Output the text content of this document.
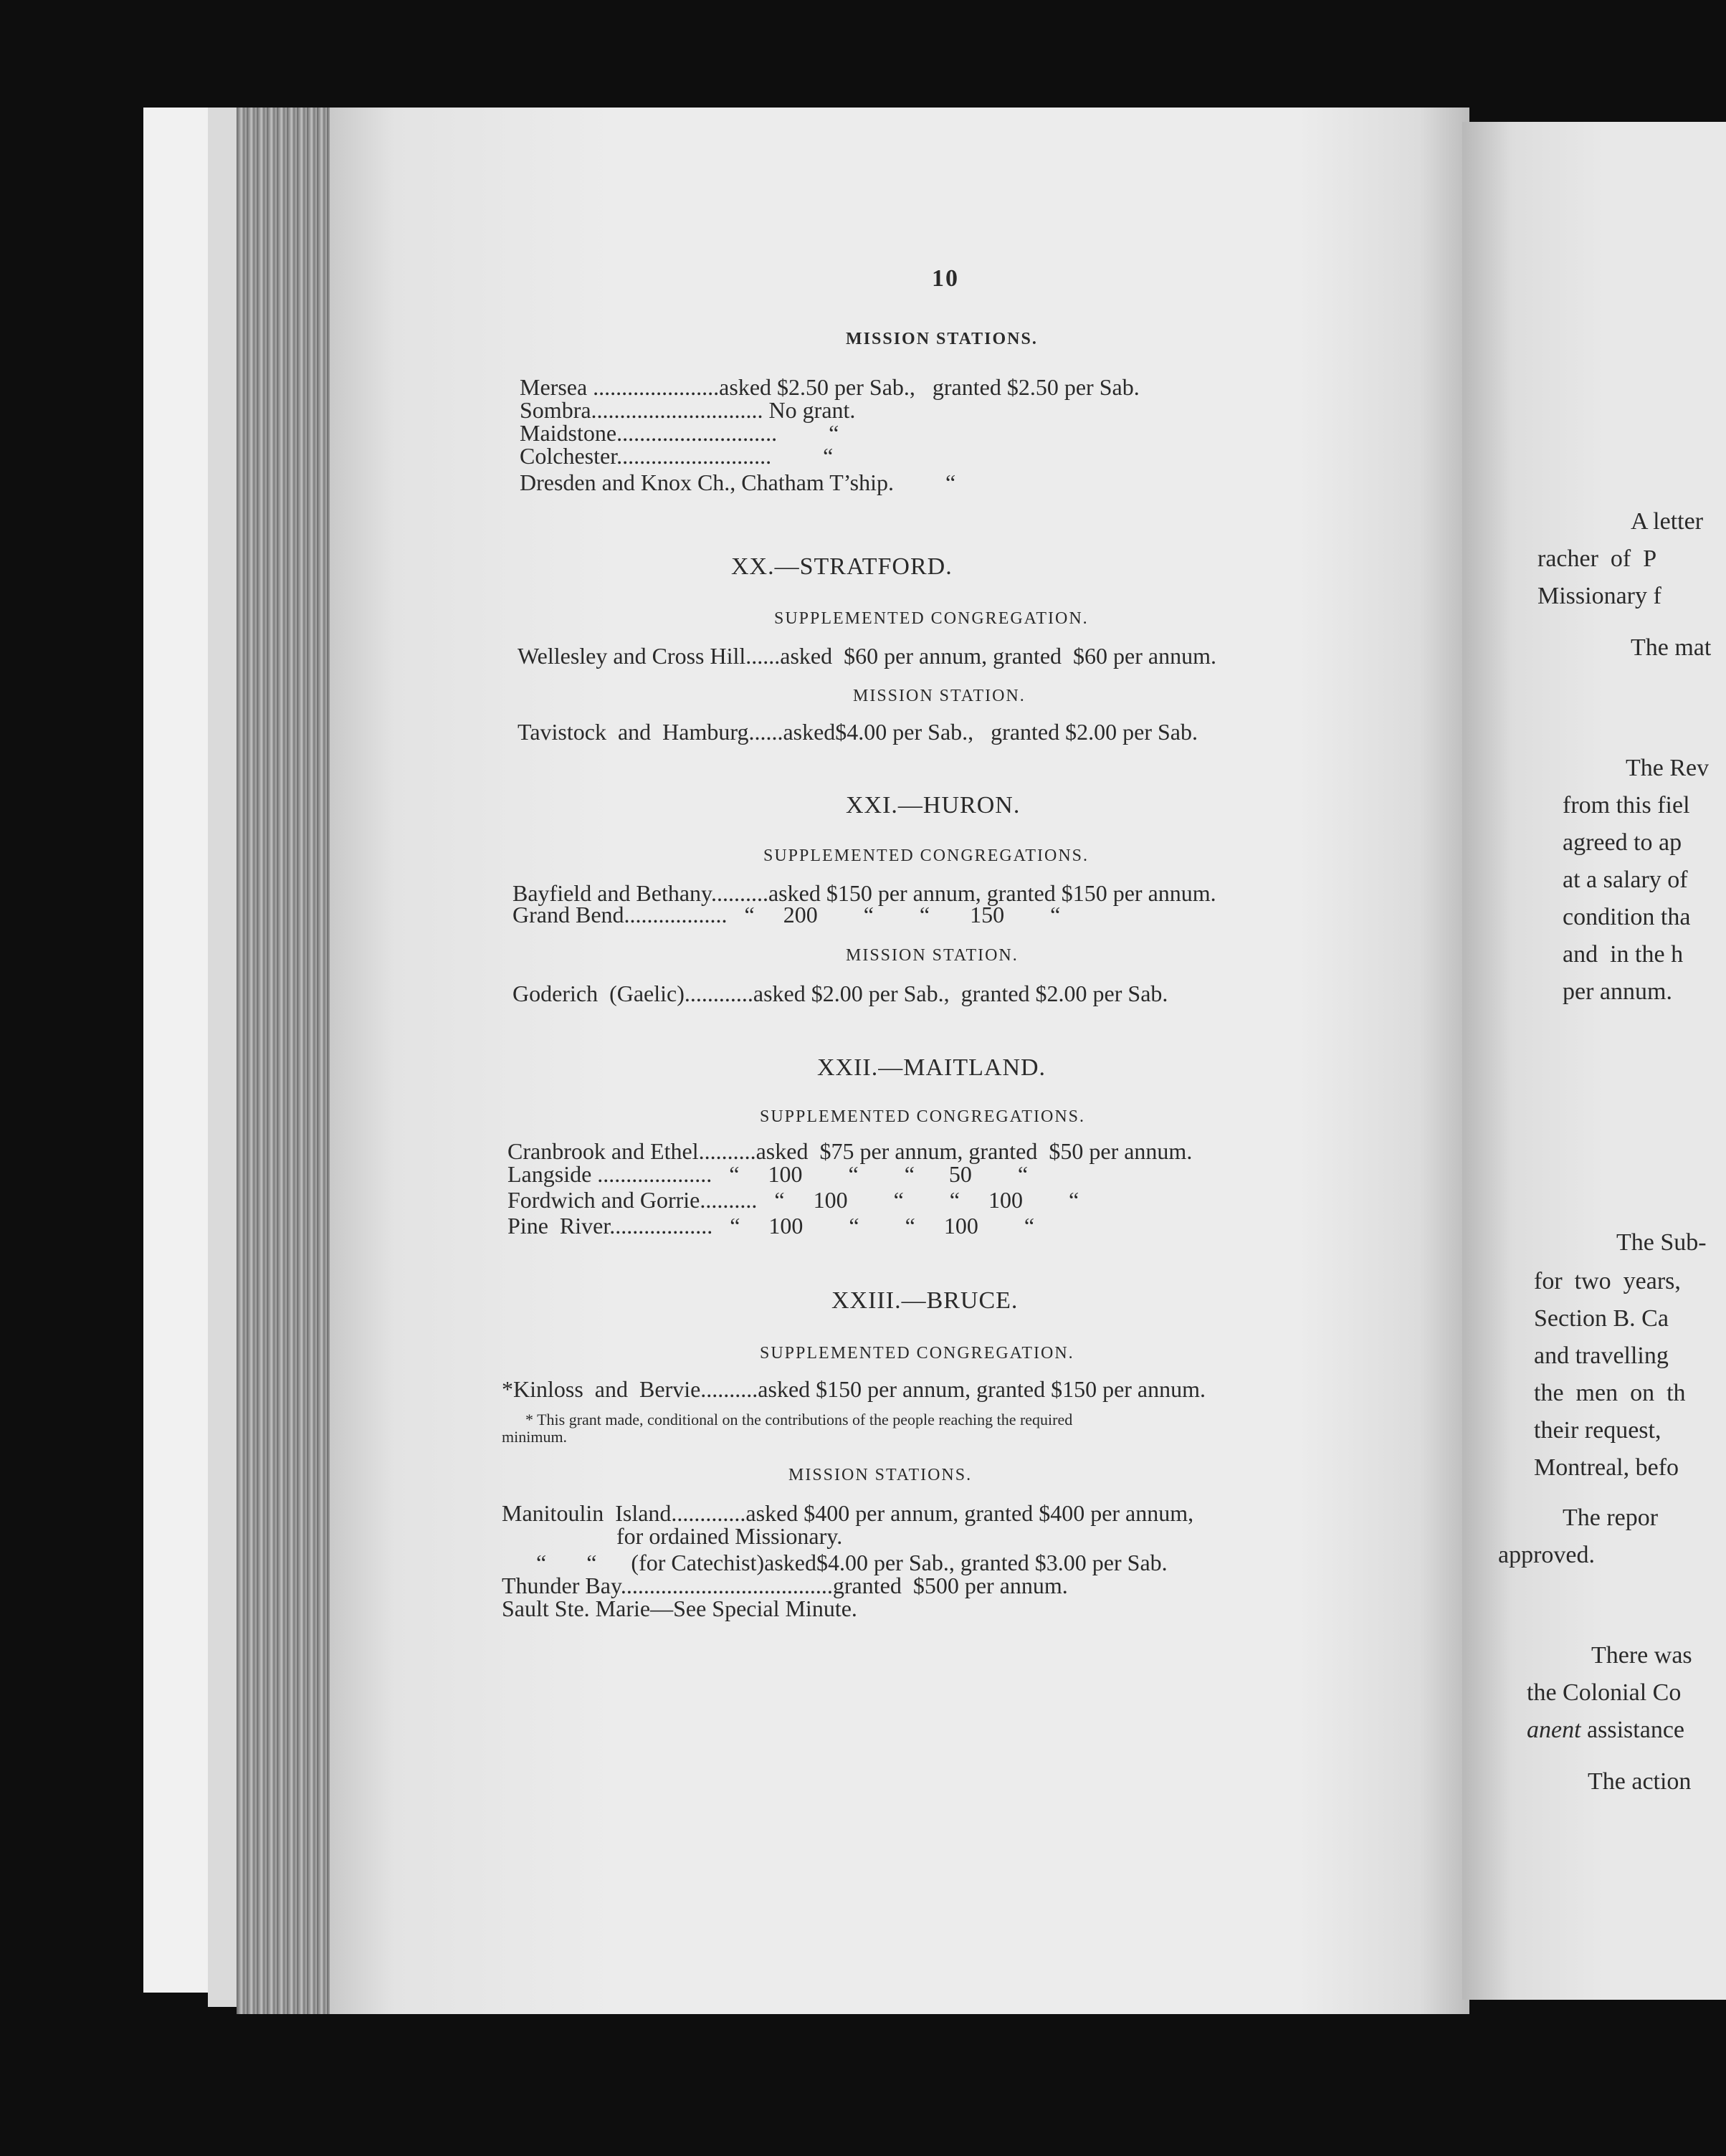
10
MISSION STATIONS.
Mersea ......................asked $2.50 per Sab.,   granted $2.50 per Sab.
Sombra.............................. No grant.
Maidstone............................         “
Colchester...........................         “
Dresden and Knox Ch., Chatham T’ship.         “
XX.—STRATFORD.
SUPPLEMENTED CONGREGATION.
Wellesley and Cross Hill......asked  $60 per annum, granted  $60 per annum.
MISSION STATION.
Tavistock  and  Hamburg......asked$4.00 per Sab.,   granted $2.00 per Sab.
XXI.—HURON.
SUPPLEMENTED CONGREGATIONS.
Bayfield and Bethany..........asked $150 per annum, granted $150 per annum.
Grand Bend..................   “     200        “        “       150        “
MISSION STATION.
Goderich  (Gaelic)............asked $2.00 per Sab.,  granted $2.00 per Sab.
XXII.—MAITLAND.
SUPPLEMENTED CONGREGATIONS.
Cranbrook and Ethel..........asked  $75 per annum, granted  $50 per annum.
Langside ....................   “     100        “        “      50        “
Fordwich and Gorrie..........   “     100        “        “     100        “
Pine  River..................   “     100        “        “     100        “
XXIII.—BRUCE.
SUPPLEMENTED CONGREGATION.
*Kinloss  and  Bervie..........asked $150 per annum, granted $150 per annum.
* This grant made, conditional on the contributions of the people reaching the required
minimum.
MISSION STATIONS.
Manitoulin  Island.............asked $400 per annum, granted $400 per annum,
for ordained Missionary.
“       “      (for Catechist)asked$4.00 per Sab., granted $3.00 per Sab.
Thunder Bay.....................................granted  $500 per annum.
Sault Ste. Marie—See Special Minute.
A letter
racher  of  P
Missionary f
The mat
The Rev
from this fiel
agreed to ap
at a salary of
condition tha
and  in the h
per annum.
The Sub-
for  two  years,
Section B. Ca
and travelling
the  men  on  th
their request,
Montreal, befo
The repor
approved.
There was
the Colonial Co
anent assistance
The action
